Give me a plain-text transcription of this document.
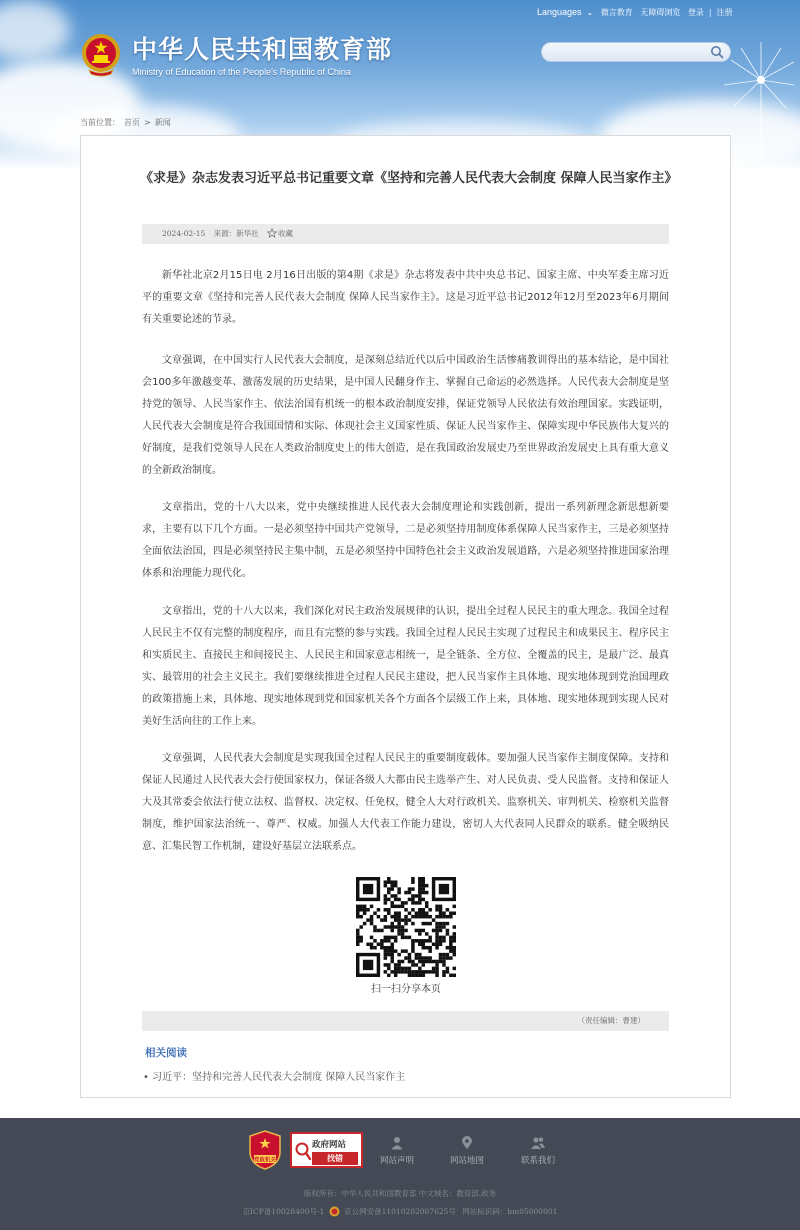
Languages ⌄ 微言教育 无障碍浏览 登录 | 注册
中华人民共和国教育部
Ministry of Education of the People's Republic of China
当前位置： 首页 > 新闻
《求是》杂志发表习近平总书记重要文章《坚持和完善人民代表大会制度 保障人民当家作主》
2024-02-15 来源：新华社	收藏

新华社北京2月15日电 2月16日出版的第4期《求是》杂志将发表中共中央总书记、国家主席、中央军委主席习近平的重要文章《坚持和完善人民代表大会制度 保障人民当家作主》。这是习近平总书记2012年12月至2023年6月期间有关重要论述的节录。

文章强调，在中国实行人民代表大会制度，是深刻总结近代以后中国政治生活惨痛教训得出的基本结论，是中国社会100多年激越变革、激荡发展的历史结果，是中国人民翻身作主、掌握自己命运的必然选择。人民代表大会制度是坚持党的领导、人民当家作主、依法治国有机统一的根本政治制度安排，保证党领导人民依法有效治理国家。实践证明，人民代表大会制度是符合我国国情和实际、体现社会主义国家性质、保证人民当家作主、保障实现中华民族伟大复兴的好制度，是我们党领导人民在人类政治制度史上的伟大创造，是在我国政治发展史乃至世界政治发展史上具有重大意义的全新政治制度。

文章指出，党的十八大以来，党中央继续推进人民代表大会制度理论和实践创新，提出一系列新理念新思想新要求，主要有以下几个方面。一是必须坚持中国共产党领导，二是必须坚持用制度体系保障人民当家作主，三是必须坚持全面依法治国，四是必须坚持民主集中制，五是必须坚持中国特色社会主义政治发展道路，六是必须坚持推进国家治理体系和治理能力现代化。

文章指出，党的十八大以来，我们深化对民主政治发展规律的认识，提出全过程人民民主的重大理念。我国全过程人民民主不仅有完整的制度程序，而且有完整的参与实践。我国全过程人民民主实现了过程民主和成果民主、程序民主和实质民主、直接民主和间接民主、人民民主和国家意志相统一，是全链条、全方位、全覆盖的民主，是最广泛、最真实、最管用的社会主义民主。我们要继续推进全过程人民民主建设，把人民当家作主具体地、现实地体现到党治国理政的政策措施上来，具体地、现实地体现到党和国家机关各个方面各个层级工作上来，具体地、现实地体现到实现人民对美好生活向往的工作上来。

文章强调，人民代表大会制度是实现我国全过程人民民主的重要制度载体。要加强人民当家作主制度保障。支持和保证人民通过人民代表大会行使国家权力，保证各级人大都由民主选举产生、对人民负责、受人民监督。支持和保证人大及其常委会依法行使立法权、监督权、决定权、任免权，健全人大对行政机关、监察机关、审判机关、检察机关监督制度，维护国家法治统一、尊严、权威。加强人大代表工作能力建设，密切人大代表同人民群众的联系。健全吸纳民意、汇集民智工作机制，建设好基层立法联系点。

扫一扫分享本页
（责任编辑：曹建）
相关阅读
• 习近平：坚持和完善人民代表大会制度 保障人民当家作主
党政机关
政府网站
找错	网站声明	网站地图	联系我们
版权所有：中华人民共和国教育部 中文域名：教育部.政务
京ICP备10028400号-1	京公网安备11010202007625号 网站标识码：bm05000001
